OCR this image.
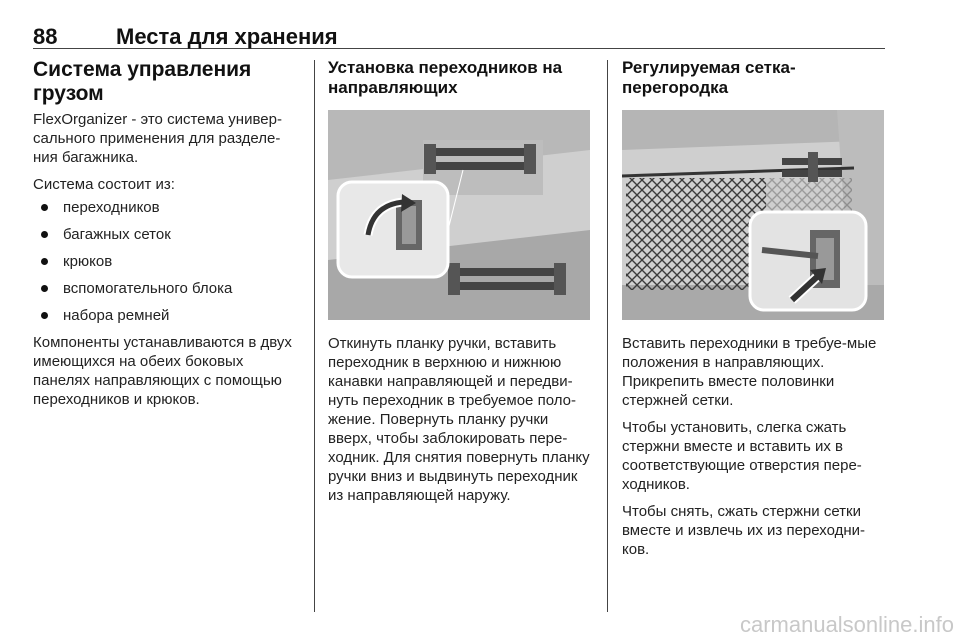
88	Места для хранения
Система управления грузом

FlexOrganizer - это система универ-сального применения для разделе-ния багажника.

Система состоит из:

переходников
багажных сеток
крюков
вспомогательного блока
набора ремней

Компоненты устанавливаются в двух имеющихся на обеих боковых панелях направляющих с помощью переходников и крюков.

Установка переходников на направляющих

Откинуть планку ручки, вставить переходник в верхнюю и нижнюю канавки направляющей и передви-нуть переходник в требуемое поло-жение. Повернуть планку ручки вверх, чтобы заблокировать пере-ходник. Для снятия повернуть планку ручки вниз и выдвинуть переходник из направляющей наружу.

Регулируемая сетка-перегородка

Вставить переходники в требуе-мые положения в направляющих. Прикрепить вместе половинки стержней сетки.

Чтобы установить, слегка сжать стержни вместе и вставить их в соответствующие отверстия пере-ходников.

Чтобы снять, сжать стержни сетки вместе и извлечь их из переходни-ков.

carmanualsonline.info
